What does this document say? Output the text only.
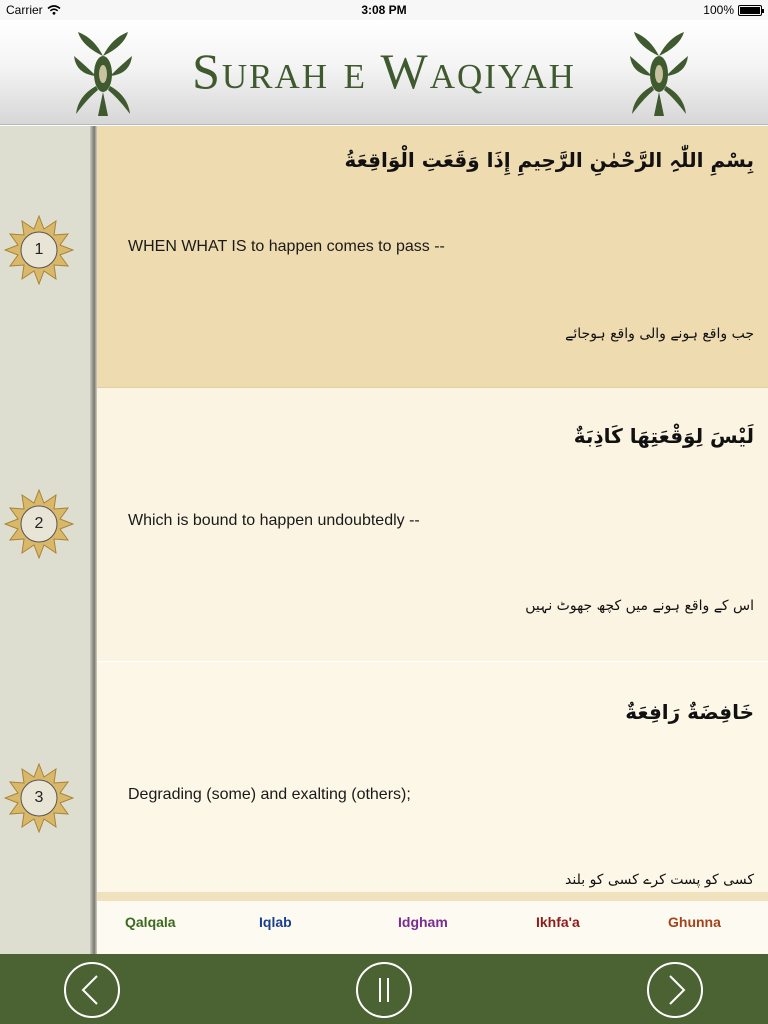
Carrier	3:08 PM	100%
Surah e Waqiyah
1
2
3
بِسْمِ اللّٰہِ الرَّحْمٰنِ الرَّحِیمِ إِذَا وَقَعَتِ الْوَاقِعَةُ
WHEN WHAT IS to happen comes to pass --
جب واقع ہونے والی واقع ہوجائے
لَيْسَ لِوَقْعَتِهَا كَاذِبَةٌ
Which is bound to happen undoubtedly --
اس کے واقع ہونے میں کچھ جھوٹ نہیں
خَافِضَةٌ رَافِعَةٌ
Degrading (some) and exalting (others);
کسی کو پست کرے کسی کو بلند
Qalqala	Iqlab	Idgham	Ikhfa'a	Ghunna
